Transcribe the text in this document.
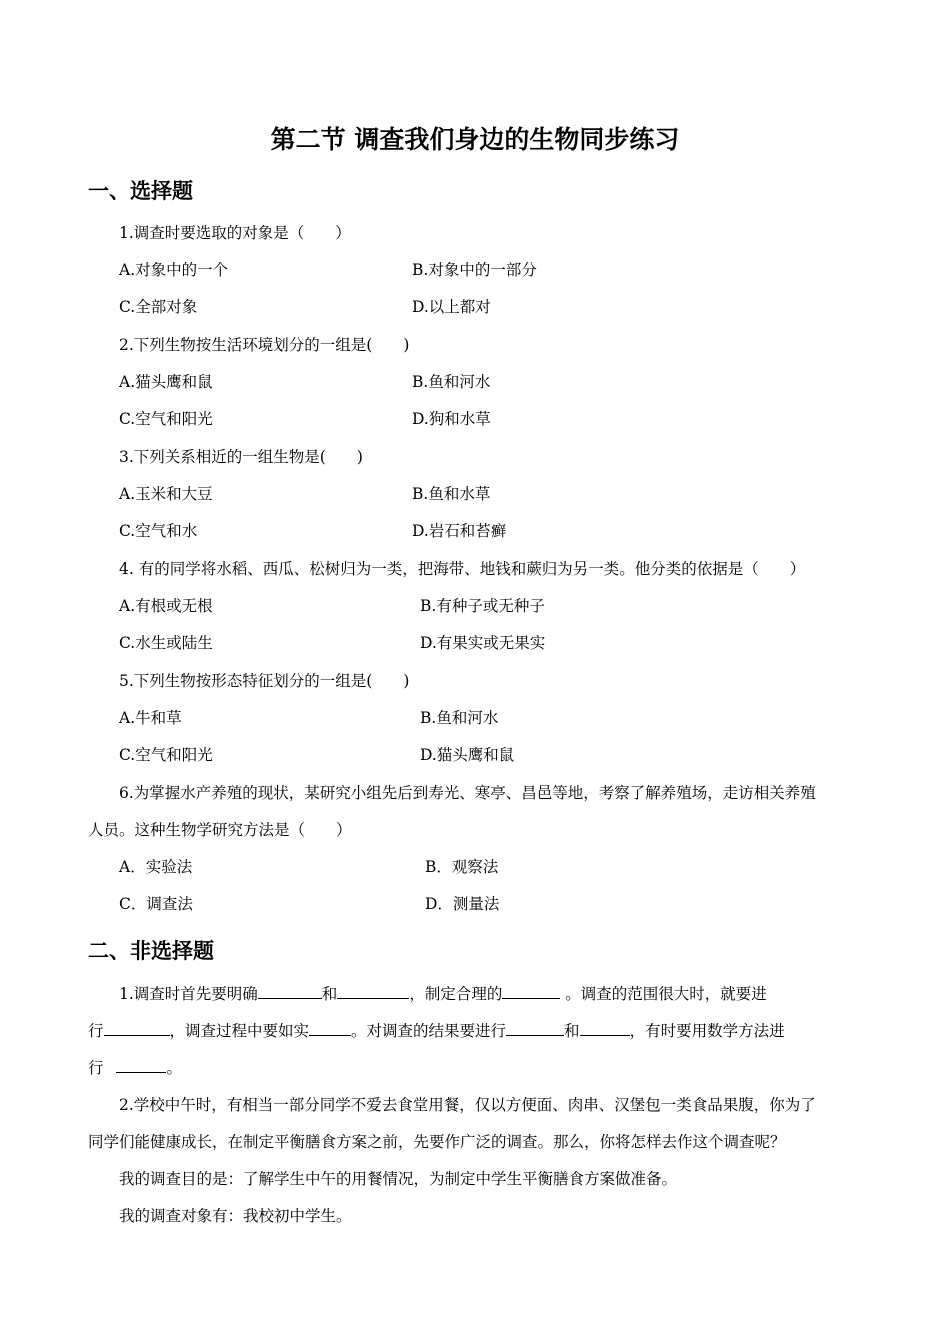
第二节 调查我们身边的生物同步练习
一、选择题
1.调查时要选取的对象是（　　）
A.对象中的一个	B.对象中的一部分
C.全部对象	D.以上都对
2.下列生物按生活环境划分的一组是(　　)
A.猫头鹰和鼠	B.鱼和河水
C.空气和阳光	D.狗和水草
3.下列关系相近的一组生物是(　　)
A.玉米和大豆	B.鱼和水草
C.空气和水	D.岩石和苔癣
4. 有的同学将水稻、西瓜、松树归为一类，把海带、地钱和蕨归为另一类。他分类的依据是（　　）
A.有根或无根	B.有种子或无种子
C.水生或陆生	D.有果实或无果实
5.下列生物按形态特征划分的一组是(　　)
A.牛和草	B.鱼和河水
C.空气和阳光	D.猫头鹰和鼠
6.为掌握水产养殖的现状，某研究小组先后到寿光、寒亭、昌邑等地，考察了解养殖场，走访相关养殖
人员。这种生物学研究方法是（　　）
A．实验法	B．观察法
C．调查法	D．测量法
二、非选择题
1.调查时首先要明确	和	，制定合理的	。调查的范围很大时，就要进
行	，调查过程中要如实	。对调查的结果要进行	和	，有时要用数学方法进
行	。
2.学校中午时，有相当一部分同学不爱去食堂用餐，仅以方便面、肉串、汉堡包一类食品果腹，你为了
同学们能健康成长，在制定平衡膳食方案之前，先要作广泛的调查。那么，你将怎样去作这个调查呢？
我的调查目的是：了解学生中午的用餐情况，为制定中学生平衡膳食方案做准备。
我的调查对象有：我校初中学生。
